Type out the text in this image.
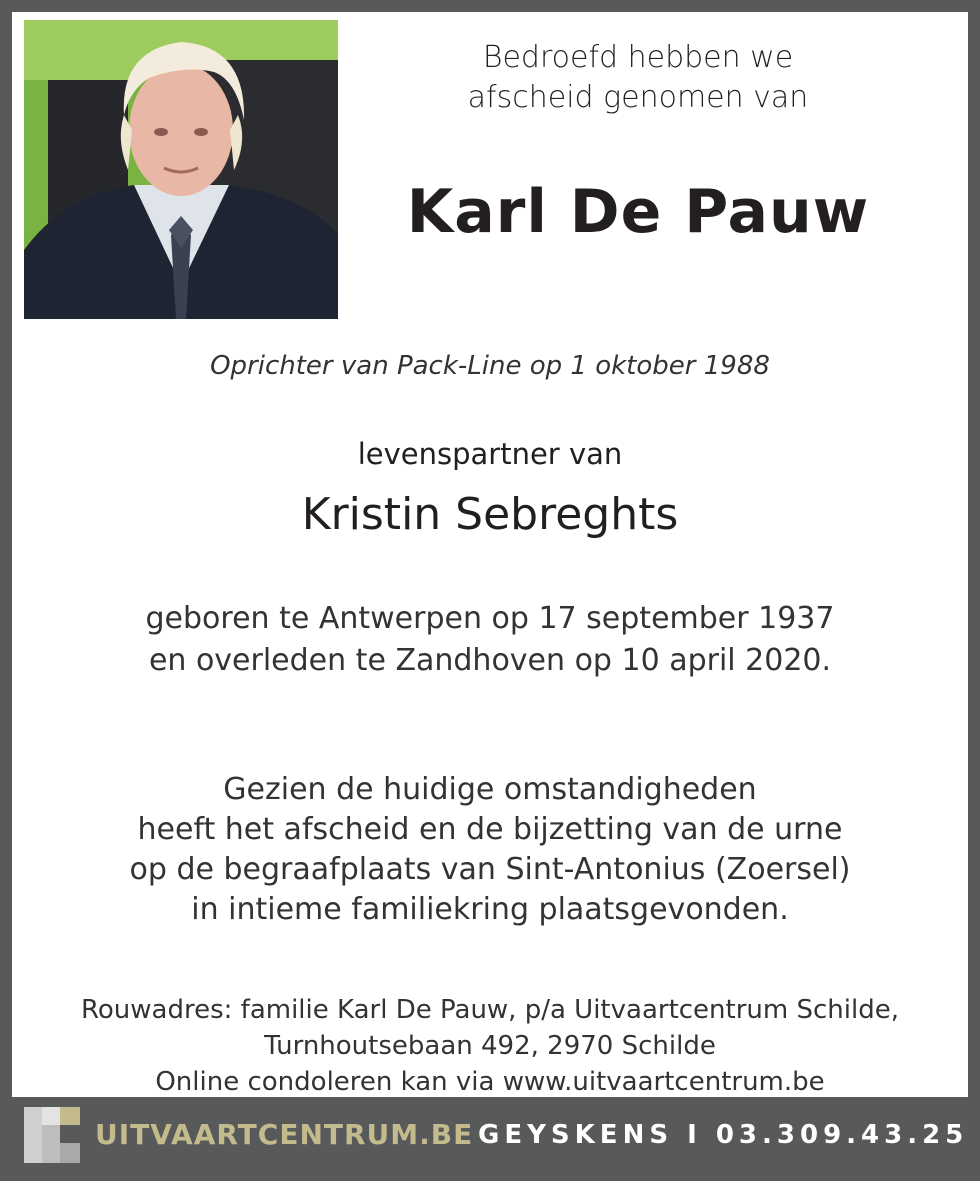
Bedroefd hebben we
afscheid genomen van
Karl De Pauw
Oprichter van Pack-Line op 1 oktober 1988
levenspartner van
Kristin Sebreghts
geboren te Antwerpen op 17 september 1937
en overleden te Zandhoven op 10 april 2020.
Gezien de huidige omstandigheden
heeft het afscheid en de bijzetting van de urne
op de begraafplaats van Sint-Antonius (Zoersel)
in intieme familiekring plaatsgevonden.
Rouwadres: familie Karl De Pauw, p/a Uitvaartcentrum Schilde,
Turnhoutsebaan 492, 2970 Schilde
Online condoleren kan via www.uitvaartcentrum.be
UITVAARTCENTRUM.BE GEYSKENS I 03.309.43.25
